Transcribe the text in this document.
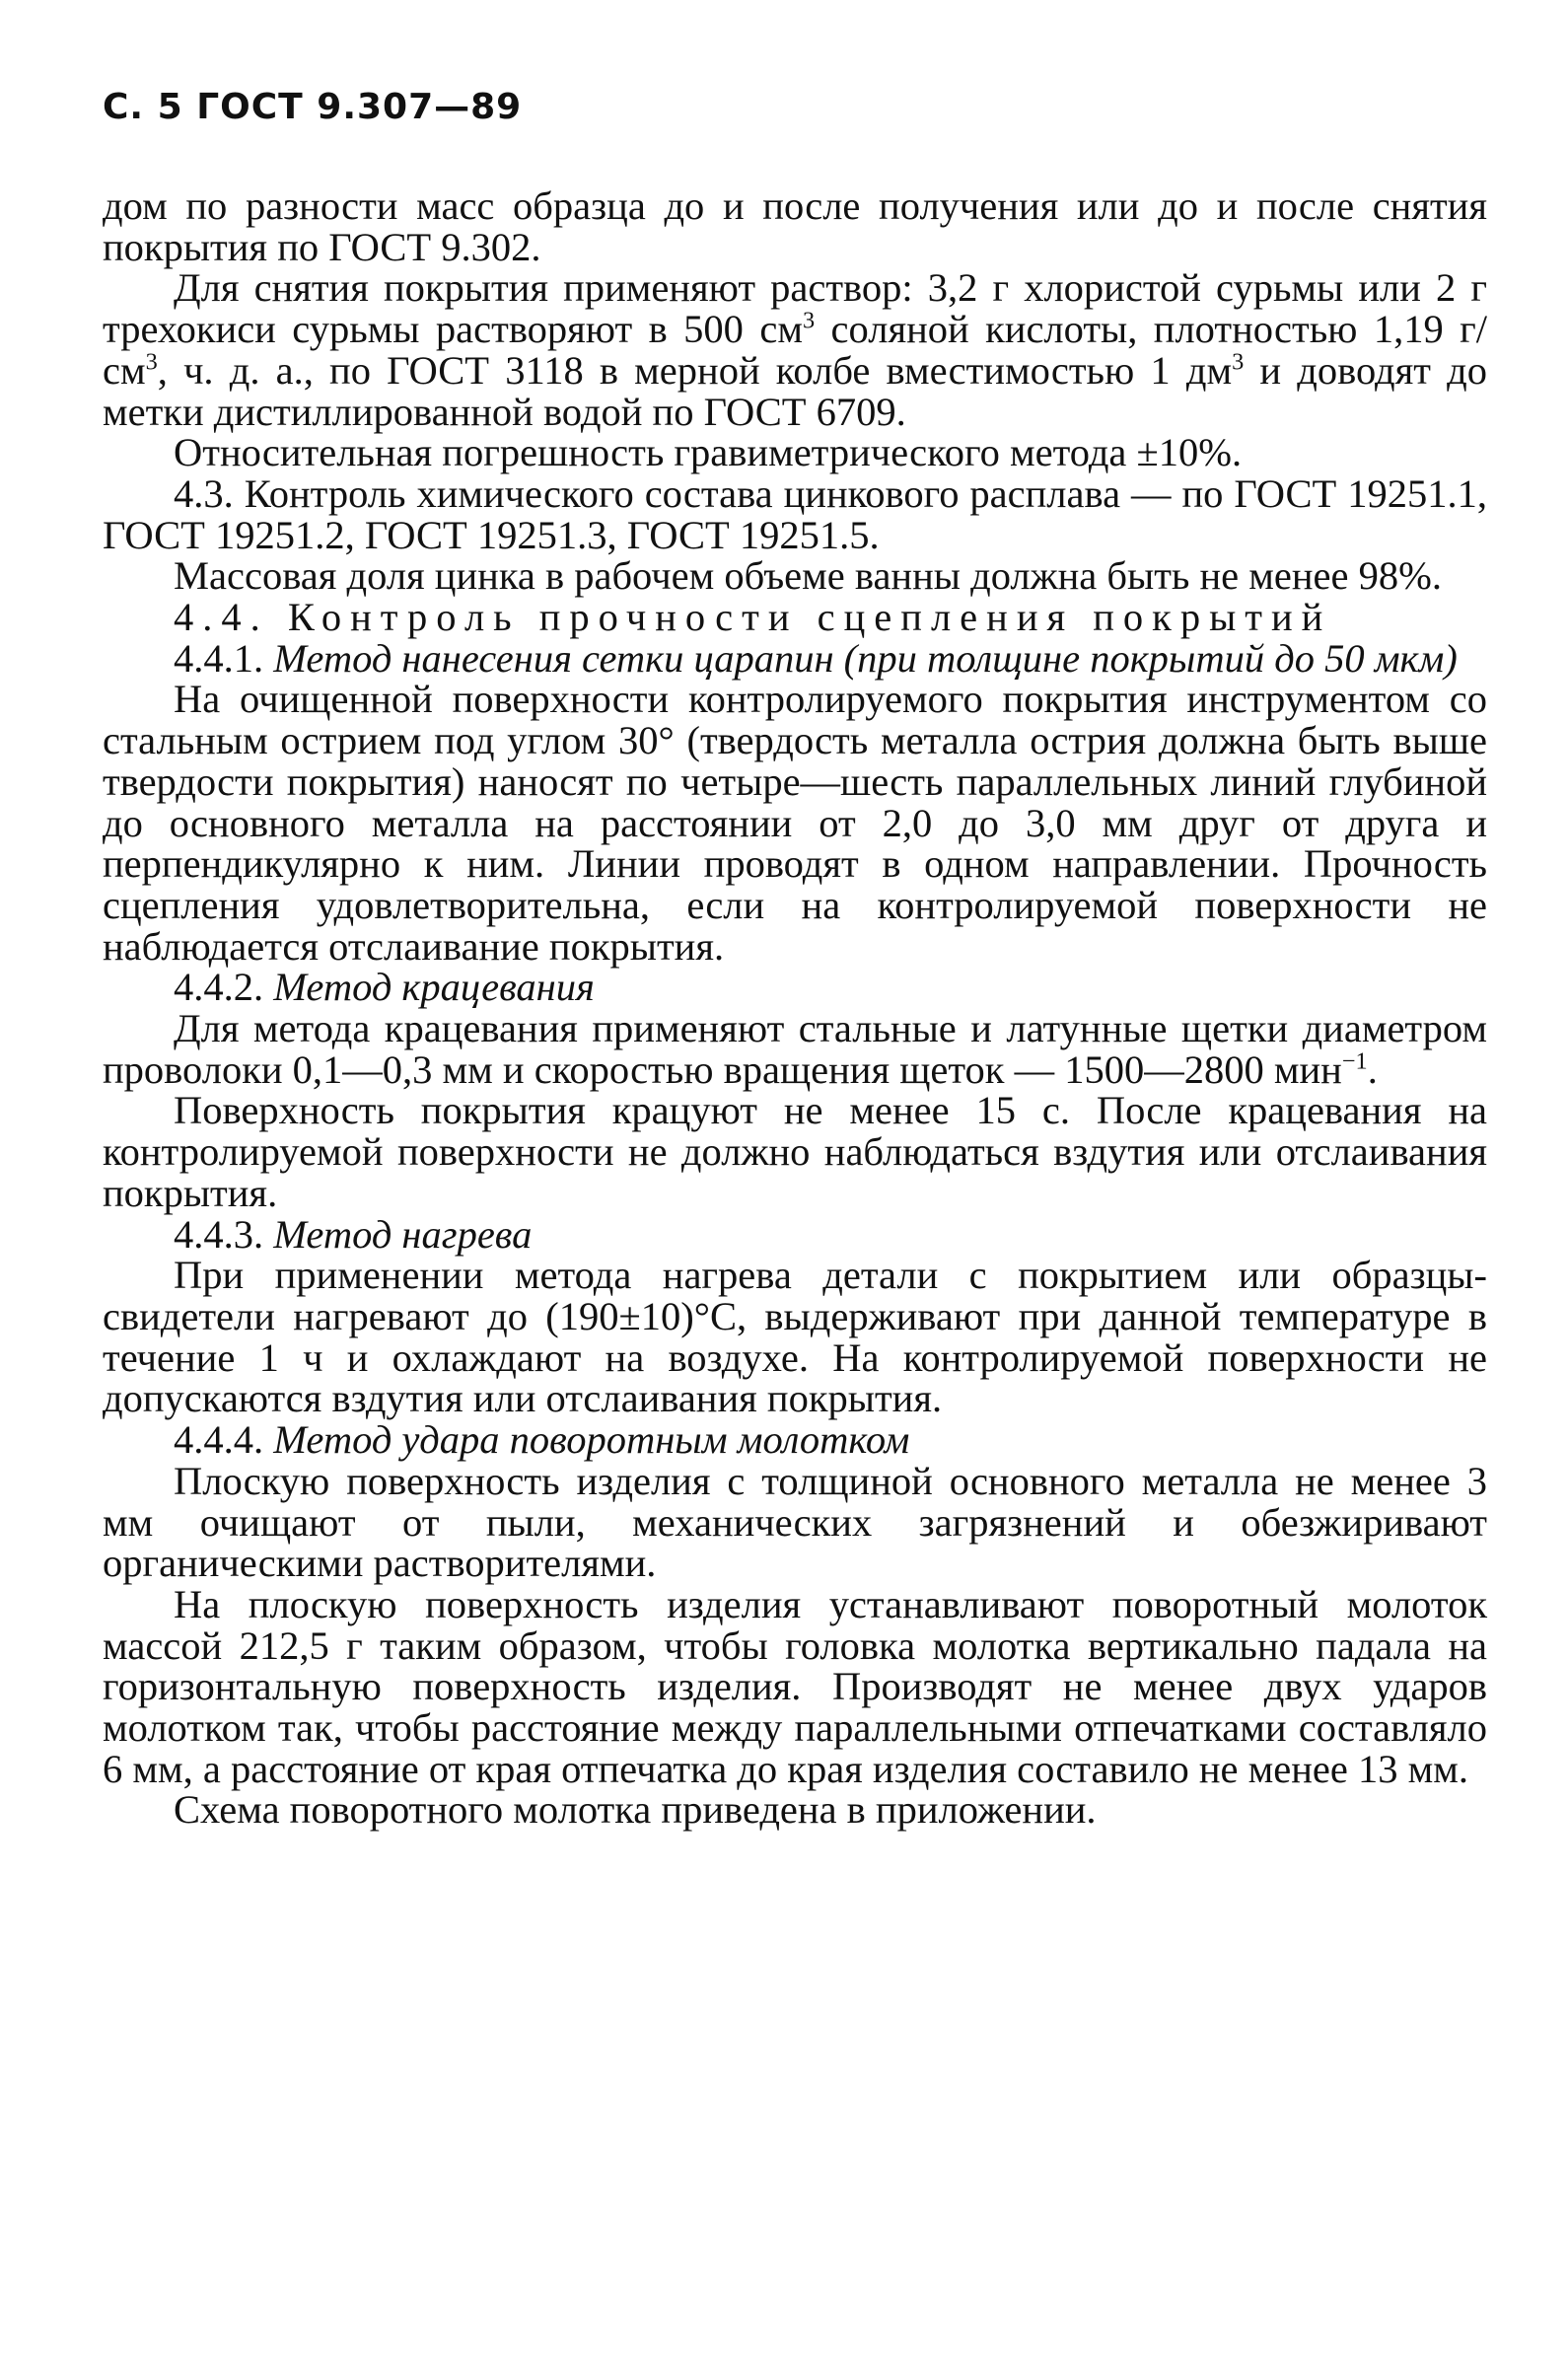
С. 5 ГОСТ 9.307—89

дом по разности масс образца до и после получения или до и после снятия покрытия по ГОСТ 9.302.

Для снятия покрытия применяют раствор: 3,2 г хлористой сурьмы или 2 г трехокиси сурьмы растворяют в 500 $см^3$ соляной кислоты, плотностью 1,19 $г/см^3$, ч. д. а., по ГОСТ 3118 в мерной колбе вместимостью 1 $дм^3$ и доводят до метки дистиллированной водой по ГОСТ 6709.

Относительная погрешность гравиметрического метода ±10%.

4.3. Контроль химического состава цинкового расплава — по ГОСТ 19251.1, ГОСТ 19251.2, ГОСТ 19251.3, ГОСТ 19251.5.

Массовая доля цинка в рабочем объеме ванны должна быть не менее 98%.

4.4. Контроль прочности сцепления покрытий

4.4.1. Метод нанесения сетки царапин (при толщине покрытий до 50 мкм)

На очищенной поверхности контролируемого покрытия инструментом со стальным острием под углом 30° (твердость металла острия должна быть выше твердости покрытия) наносят по четыре—шесть параллельных линий глубиной до основного металла на расстоянии от 2,0 до 3,0 мм друг от друга и перпендикулярно к ним. Линии проводят в одном направлении. Прочность сцепления удовлетворительна, если на контролируемой поверхности не наблюдается отслаивание покрытия.

4.4.2. Метод крацевания

Для метода крацевания применяют стальные и латунные щетки диаметром проволоки 0,1—0,3 мм и скоростью вращения щеток — 1500—2800 мин$^{-1}$.

Поверхность покрытия крацуют не менее 15 с. После крацевания на контролируемой поверхности не должно наблюдаться вздутия или отслаивания покрытия.

4.4.3. Метод нагрева

При применении метода нагрева детали с покрытием или образцы-свидетели нагревают до (190±10)°С, выдерживают при данной температуре в течение 1 ч и охлаждают на воздухе. На контролируемой поверхности не допускаются вздутия или отслаивания покрытия.

4.4.4. Метод удара поворотным молотком

Плоскую поверхность изделия с толщиной основного металла не менее 3 мм очищают от пыли, механических загрязнений и обезжиривают органическими растворителями.

На плоскую поверхность изделия устанавливают поворотный молоток массой 212,5 г таким образом, чтобы головка молотка вертикально падала на горизонтальную поверхность изделия. Производят не менее двух ударов молотком так, чтобы расстояние между параллельными отпечатками составляло 6 мм, а расстояние от края отпечатка до края изделия составило не менее 13 мм.

Схема поворотного молотка приведена в приложении.
